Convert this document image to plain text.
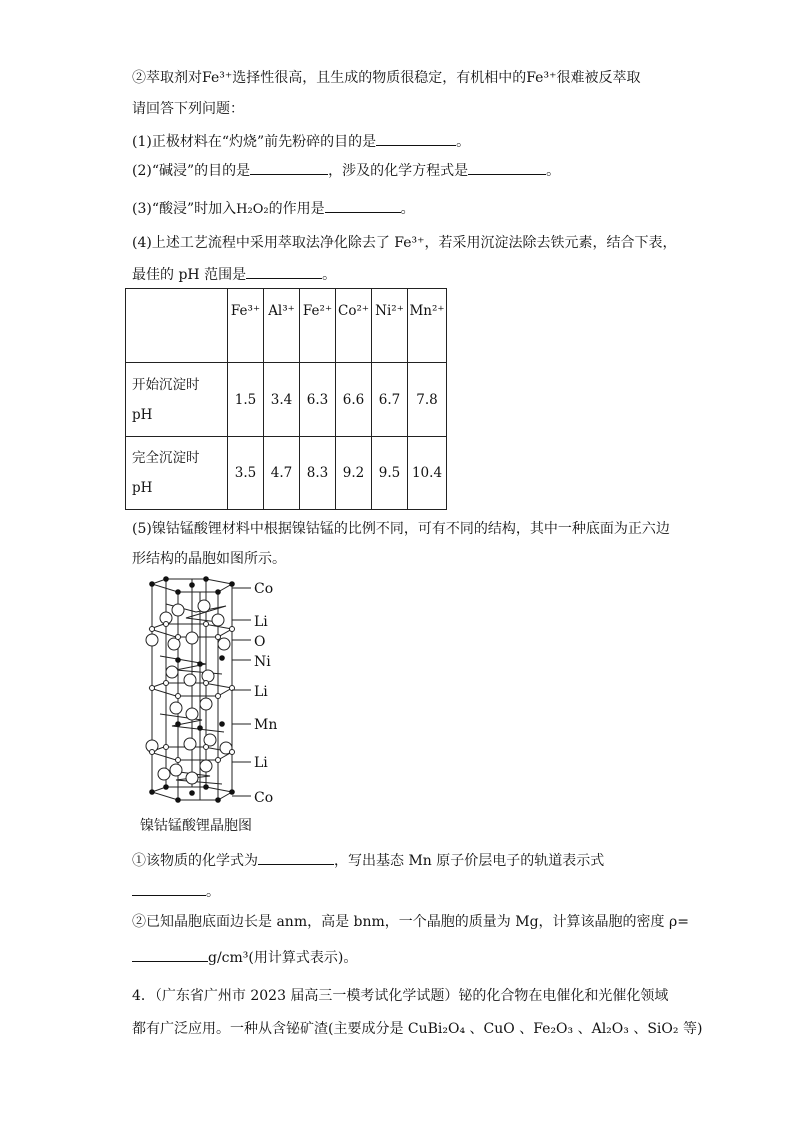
②萃取剂对Fe³⁺选择性很高，且生成的物质很稳定，有机相中的Fe³⁺很难被反萃取
请回答下列问题：
(1)正极材料在“灼烧”前先粉碎的目的是	。
(2)“碱浸”的目的是	，涉及的化学方程式是	。
(3)“酸浸”时加入H₂O₂的作用是	。
(4)上述工艺流程中采用萃取法净化除去了 Fe³⁺，若采用沉淀法除去铁元素，结合下表，
最佳的 pH 范围是	。
	Fe³⁺	Al³⁺	Fe²⁺	Co²⁺	Ni²⁺	Mn²⁺
开始沉淀时
pH	1.5	3.4	6.3	6.6	6.7	7.8
完全沉淀时
pH	3.5	4.7	8.3	9.2	9.5	10.4
(5)镍钴锰酸锂材料中根据镍钴锰的比例不同，可有不同的结构，其中一种底面为正六边
形结构的晶胞如图所示。
Co
Li
O
Ni
Li
Mn
Li
Co
镍钴锰酸锂晶胞图
①该物质的化学式为	，写出基态 Mn 原子价层电子的轨道表示式
。
②已知晶胞底面边长是 anm，高是 bnm，一个晶胞的质量为 Mg，计算该晶胞的密度 ρ=
g/cm³(用计算式表示)。
4．（广东省广州市 2023 届高三一模考试化学试题）铋的化合物在电催化和光催化领域
都有广泛应用。一种从含铋矿渣(主要成分是 CuBi₂O₄ 、CuO 、Fe₂O₃ 、Al₂O₃ 、SiO₂ 等)
